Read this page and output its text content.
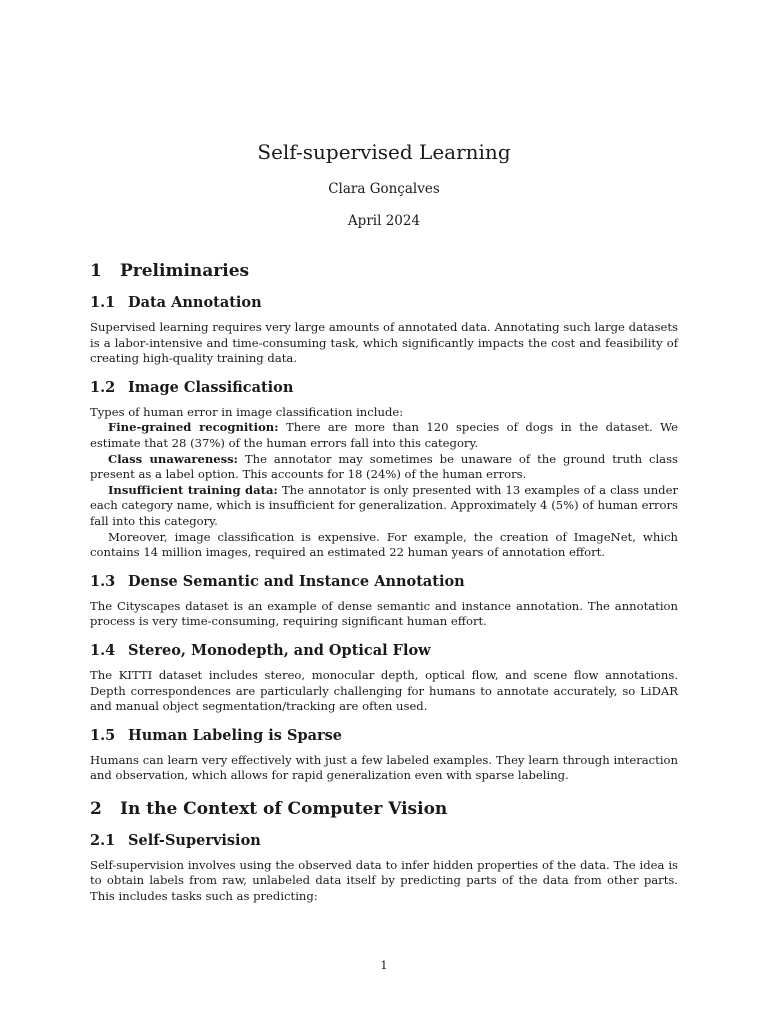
Self-supervised Learning
Clara Gonçalves
April 2024
1	Preliminaries
1.1 Data Annotation

Supervised learning requires very large amounts of annotated data. Annotating such large datasets is a labor-intensive and time-consuming task, which significantly impacts the cost and feasibility of creating high-quality training data.

1.2 Image Classification

Types of human error in image classification include:

Fine-grained recognition: There are more than 120 species of dogs in the dataset. We estimate that 28 (37%) of the human errors fall into this category.

Class unawareness: The annotator may sometimes be unaware of the ground truth class present as a label option. This accounts for 18 (24%) of the human errors.

Insufficient training data: The annotator is only presented with 13 examples of a class under each category name, which is insufficient for generalization. Approximately 4 (5%) of human errors fall into this category.

Moreover, image classification is expensive. For example, the creation of ImageNet, which contains 14 million images, required an estimated 22 human years of annotation effort.

1.3 Dense Semantic and Instance Annotation

The Cityscapes dataset is an example of dense semantic and instance annotation. The annotation process is very time-consuming, requiring significant human effort.

1.4 Stereo, Monodepth, and Optical Flow

The KITTI dataset includes stereo, monocular depth, optical flow, and scene flow annotations. Depth correspondences are particularly challenging for humans to annotate accurately, so LiDAR and manual object segmentation/tracking are often used.

1.5 Human Labeling is Sparse

Humans can learn very effectively with just a few labeled examples. They learn through interaction and observation, which allows for rapid generalization even with sparse labeling.

2	In the Context of Computer Vision
2.1 Self-Supervision

Self-supervision involves using the observed data to infer hidden properties of the data. The idea is to obtain labels from raw, unlabeled data itself by predicting parts of the data from other parts. This includes tasks such as predicting:

1
